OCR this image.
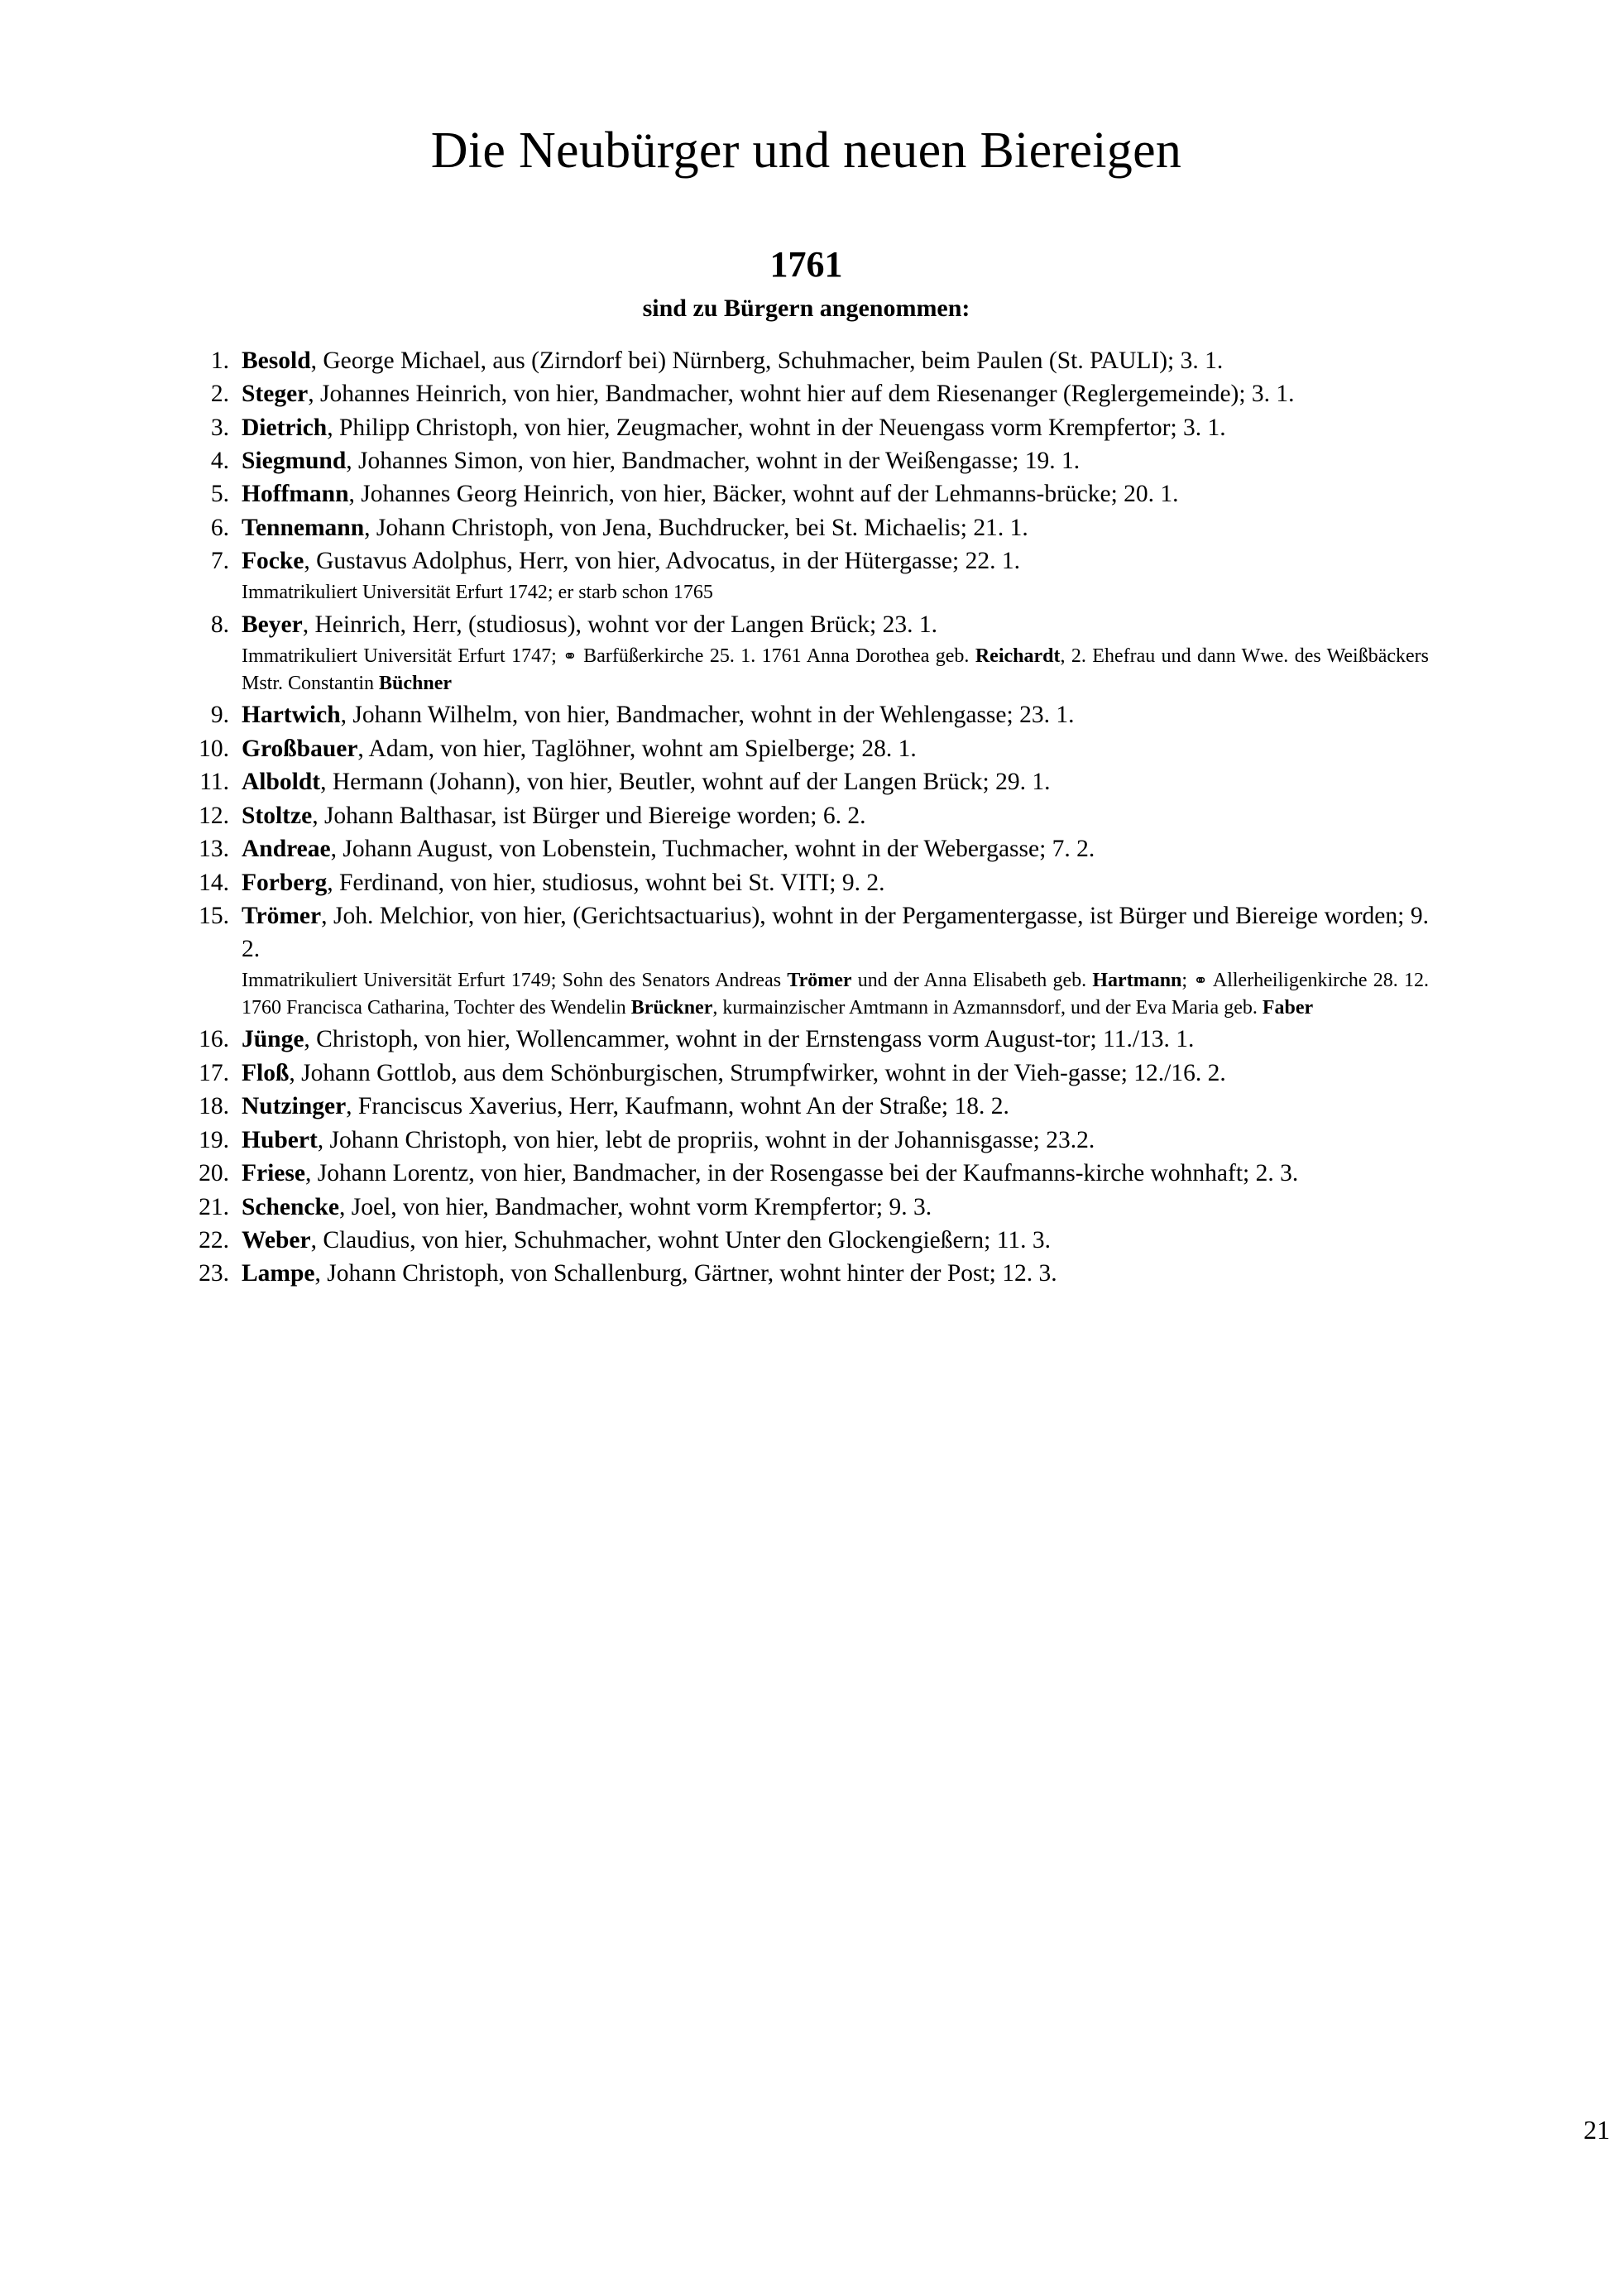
Die Neubürger und neuen Biereigen
1761
sind zu Bürgern angenommen:
1. Besold, George Michael, aus (Zirndorf bei) Nürnberg, Schuhmacher, beim Paulen (St. PAULI); 3. 1.
2. Steger, Johannes Heinrich, von hier, Bandmacher, wohnt hier auf dem Riesenanger (Reglergemeinde); 3. 1.
3. Dietrich, Philipp Christoph, von hier, Zeugmacher, wohnt in der Neuengass vorm Krempfertor; 3. 1.
4. Siegmund, Johannes Simon, von hier, Bandmacher, wohnt in der Weißengasse; 19. 1.
5. Hoffmann, Johannes Georg Heinrich, von hier, Bäcker, wohnt auf der Lehmanns-brücke; 20. 1.
6. Tennemann, Johann Christoph, von Jena, Buchdrucker, bei St. Michaelis; 21. 1.
7. Focke, Gustavus Adolphus, Herr, von hier, Advocatus, in der Hütergasse; 22. 1.
Immatrikuliert Universität Erfurt 1742; er starb schon 1765
8. Beyer, Heinrich, Herr, (studiosus), wohnt vor der Langen Brück; 23. 1.
Immatrikuliert Universität Erfurt 1747; ⚭ Barfüßerkirche 25. 1. 1761 Anna Dorothea geb. Reichardt, 2. Ehefrau und dann Wwe. des Weißbäckers Mstr. Constantin Büchner
9. Hartwich, Johann Wilhelm, von hier, Bandmacher, wohnt in der Wehlengasse; 23. 1.
10. Großbauer, Adam, von hier, Taglöhner, wohnt am Spielberge; 28. 1.
11. Alboldt, Hermann (Johann), von hier, Beutler, wohnt auf der Langen Brück; 29. 1.
12. Stoltze, Johann Balthasar, ist Bürger und Biereige worden; 6. 2.
13. Andreae, Johann August, von Lobenstein, Tuchmacher, wohnt in der Webergasse; 7. 2.
14. Forberg, Ferdinand, von hier, studiosus, wohnt bei St. VITI; 9. 2.
15. Trömer, Joh. Melchior, von hier, (Gerichtsactuarius), wohnt in der Pergamentergasse, ist Bürger und Biereige worden; 9. 2.
Immatrikuliert Universität Erfurt 1749; Sohn des Senators Andreas Trömer und der Anna Elisabeth geb. Hartmann; ⚭ Allerheiligenkirche 28. 12. 1760 Francisca Catharina, Tochter des Wendelin Brückner, kurmainzischer Amtmann in Azmannsdorf, und der Eva Maria geb. Faber
16. Jünge, Christoph, von hier, Wollencammer, wohnt in der Ernstengass vorm August-tor; 11./13. 1.
17. Floß, Johann Gottlob, aus dem Schönburgischen, Strumpfwirker, wohnt in der Vieh-gasse; 12./16. 2.
18. Nutzinger, Franciscus Xaverius, Herr, Kaufmann, wohnt An der Straße; 18. 2.
19. Hubert, Johann Christoph, von hier, lebt de propriis, wohnt in der Johannisgasse; 23.2.
20. Friese, Johann Lorentz, von hier, Bandmacher, in der Rosengasse bei der Kaufmanns-kirche wohnhaft; 2. 3.
21. Schencke, Joel, von hier, Bandmacher, wohnt vorm Krempfertor; 9. 3.
22. Weber, Claudius, von hier, Schuhmacher, wohnt Unter den Glockengießern; 11. 3.
23. Lampe, Johann Christoph, von Schallenburg, Gärtner, wohnt hinter der Post; 12. 3.
21
